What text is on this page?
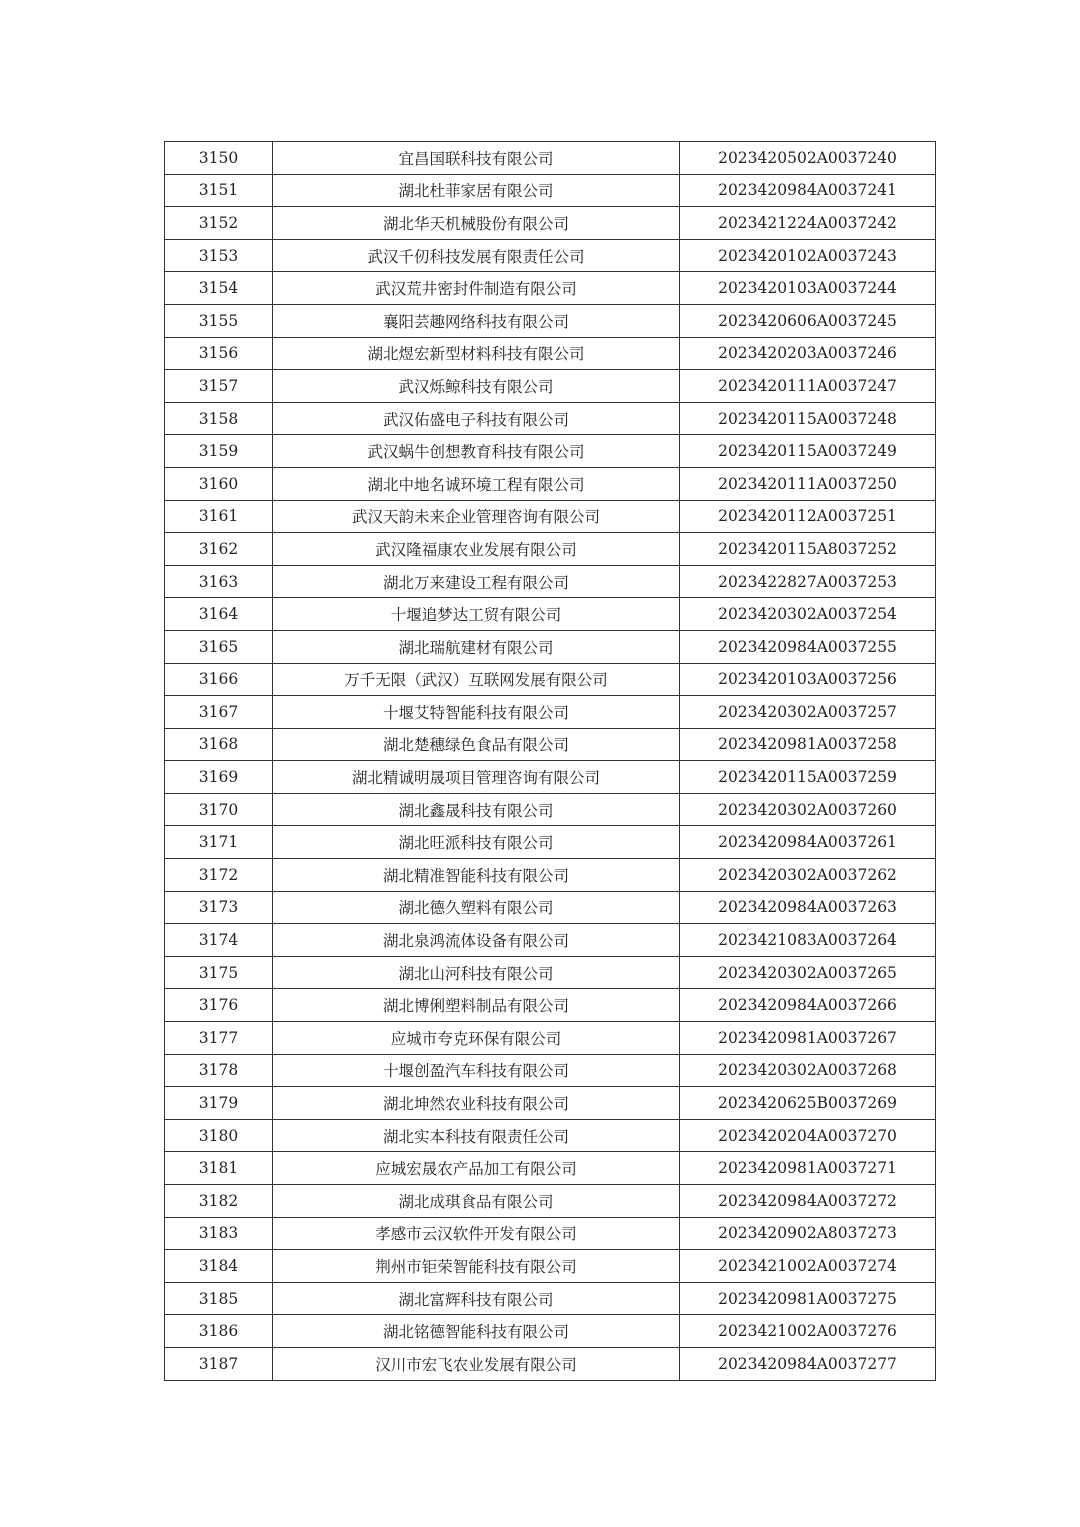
3150	宜昌国联科技有限公司	2023420502A0037240
3151	湖北杜菲家居有限公司	2023420984A0037241
3152	湖北华天机械股份有限公司	2023421224A0037242
3153	武汉千仞科技发展有限责任公司	2023420102A0037243
3154	武汉荒井密封件制造有限公司	2023420103A0037244
3155	襄阳芸趣网络科技有限公司	2023420606A0037245
3156	湖北煜宏新型材料科技有限公司	2023420203A0037246
3157	武汉烁鲸科技有限公司	2023420111A0037247
3158	武汉佑盛电子科技有限公司	2023420115A0037248
3159	武汉蜗牛创想教育科技有限公司	2023420115A0037249
3160	湖北中地名诚环境工程有限公司	2023420111A0037250
3161	武汉天韵未来企业管理咨询有限公司	2023420112A0037251
3162	武汉隆福康农业发展有限公司	2023420115A8037252
3163	湖北万来建设工程有限公司	2023422827A0037253
3164	十堰追梦达工贸有限公司	2023420302A0037254
3165	湖北瑞航建材有限公司	2023420984A0037255
3166	万千无限（武汉）互联网发展有限公司	2023420103A0037256
3167	十堰艾特智能科技有限公司	2023420302A0037257
3168	湖北楚穗绿色食品有限公司	2023420981A0037258
3169	湖北精诚明晟项目管理咨询有限公司	2023420115A0037259
3170	湖北鑫晟科技有限公司	2023420302A0037260
3171	湖北旺派科技有限公司	2023420984A0037261
3172	湖北精准智能科技有限公司	2023420302A0037262
3173	湖北德久塑料有限公司	2023420984A0037263
3174	湖北泉鸿流体设备有限公司	2023421083A0037264
3175	湖北山河科技有限公司	2023420302A0037265
3176	湖北博俐塑料制品有限公司	2023420984A0037266
3177	应城市夸克环保有限公司	2023420981A0037267
3178	十堰创盈汽车科技有限公司	2023420302A0037268
3179	湖北坤然农业科技有限公司	2023420625B0037269
3180	湖北实本科技有限责任公司	2023420204A0037270
3181	应城宏晟农产品加工有限公司	2023420981A0037271
3182	湖北成琪食品有限公司	2023420984A0037272
3183	孝感市云汉软件开发有限公司	2023420902A8037273
3184	荆州市钜荣智能科技有限公司	2023421002A0037274
3185	湖北富辉科技有限公司	2023420981A0037275
3186	湖北铭德智能科技有限公司	2023421002A0037276
3187	汉川市宏飞农业发展有限公司	2023420984A0037277
